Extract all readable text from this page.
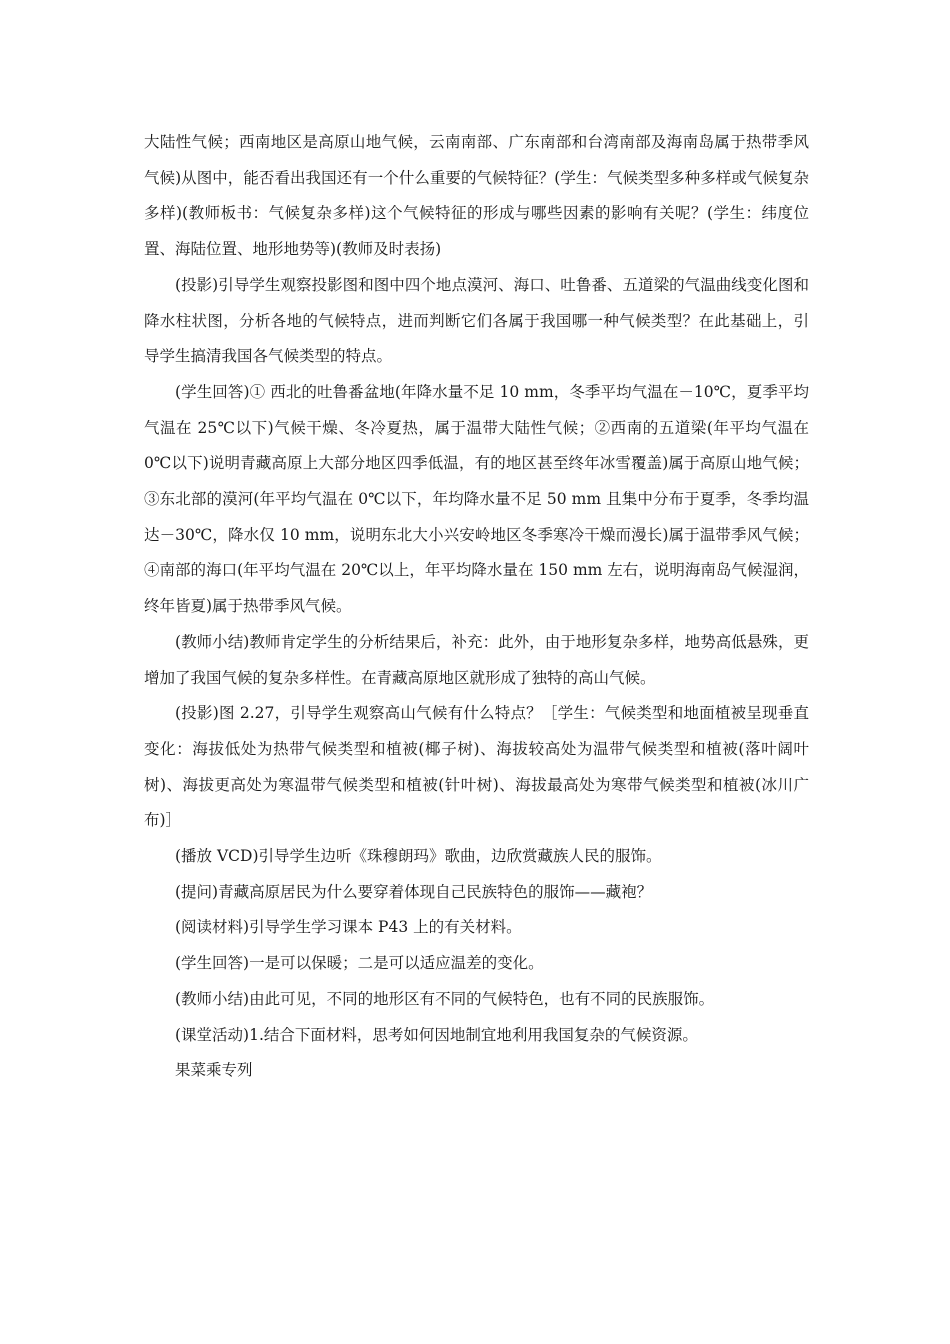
大陆性气候；西南地区是高原山地气候，云南南部、广东南部和台湾南部及海南岛属于热带季风气候)从图中，能否看出我国还有一个什么重要的气候特征？(学生：气候类型多种多样或气候复杂多样)(教师板书：气候复杂多样)这个气候特征的形成与哪些因素的影响有关呢？(学生：纬度位置、海陆位置、地形地势等)(教师及时表扬)

(投影)引导学生观察投影图和图中四个地点漠河、海口、吐鲁番、五道梁的气温曲线变化图和降水柱状图，分析各地的气候特点，进而判断它们各属于我国哪一种气候类型？在此基础上，引导学生搞清我国各气候类型的特点。

(学生回答)① 西北的吐鲁番盆地(年降水量不足 10 mm，冬季平均气温在－10℃，夏季平均气温在 25℃以下)气候干燥、冬冷夏热，属于温带大陆性气候；②西南的五道梁(年平均气温在 0℃以下)说明青藏高原上大部分地区四季低温，有的地区甚至终年冰雪覆盖)属于高原山地气候；③东北部的漠河(年平均气温在 0℃以下，年均降水量不足 50 mm 且集中分布于夏季，冬季均温达－30℃，降水仅 10 mm，说明东北大小兴安岭地区冬季寒冷干燥而漫长)属于温带季风气候；④南部的海口(年平均气温在 20℃以上，年平均降水量在 150 mm 左右，说明海南岛气候湿润，终年皆夏)属于热带季风气候。

(教师小结)教师肯定学生的分析结果后，补充：此外，由于地形复杂多样，地势高低悬殊，更增加了我国气候的复杂多样性。在青藏高原地区就形成了独特的高山气候。

(投影)图 2.27，引导学生观察高山气候有什么特点？［学生：气候类型和地面植被呈现垂直变化：海拔低处为热带气候类型和植被(椰子树)、海拔较高处为温带气候类型和植被(落叶阔叶树)、海拔更高处为寒温带气候类型和植被(针叶树)、海拔最高处为寒带气候类型和植被(冰川广布)］

(播放 VCD)引导学生边听《珠穆朗玛》歌曲，边欣赏藏族人民的服饰。

(提问)青藏高原居民为什么要穿着体现自己民族特色的服饰——藏袍？

(阅读材料)引导学生学习课本 P43 上的有关材料。

(学生回答)一是可以保暖；二是可以适应温差的变化。

(教师小结)由此可见，不同的地形区有不同的气候特色，也有不同的民族服饰。

(课堂活动)1.结合下面材料，思考如何因地制宜地利用我国复杂的气候资源。

果菜乘专列
